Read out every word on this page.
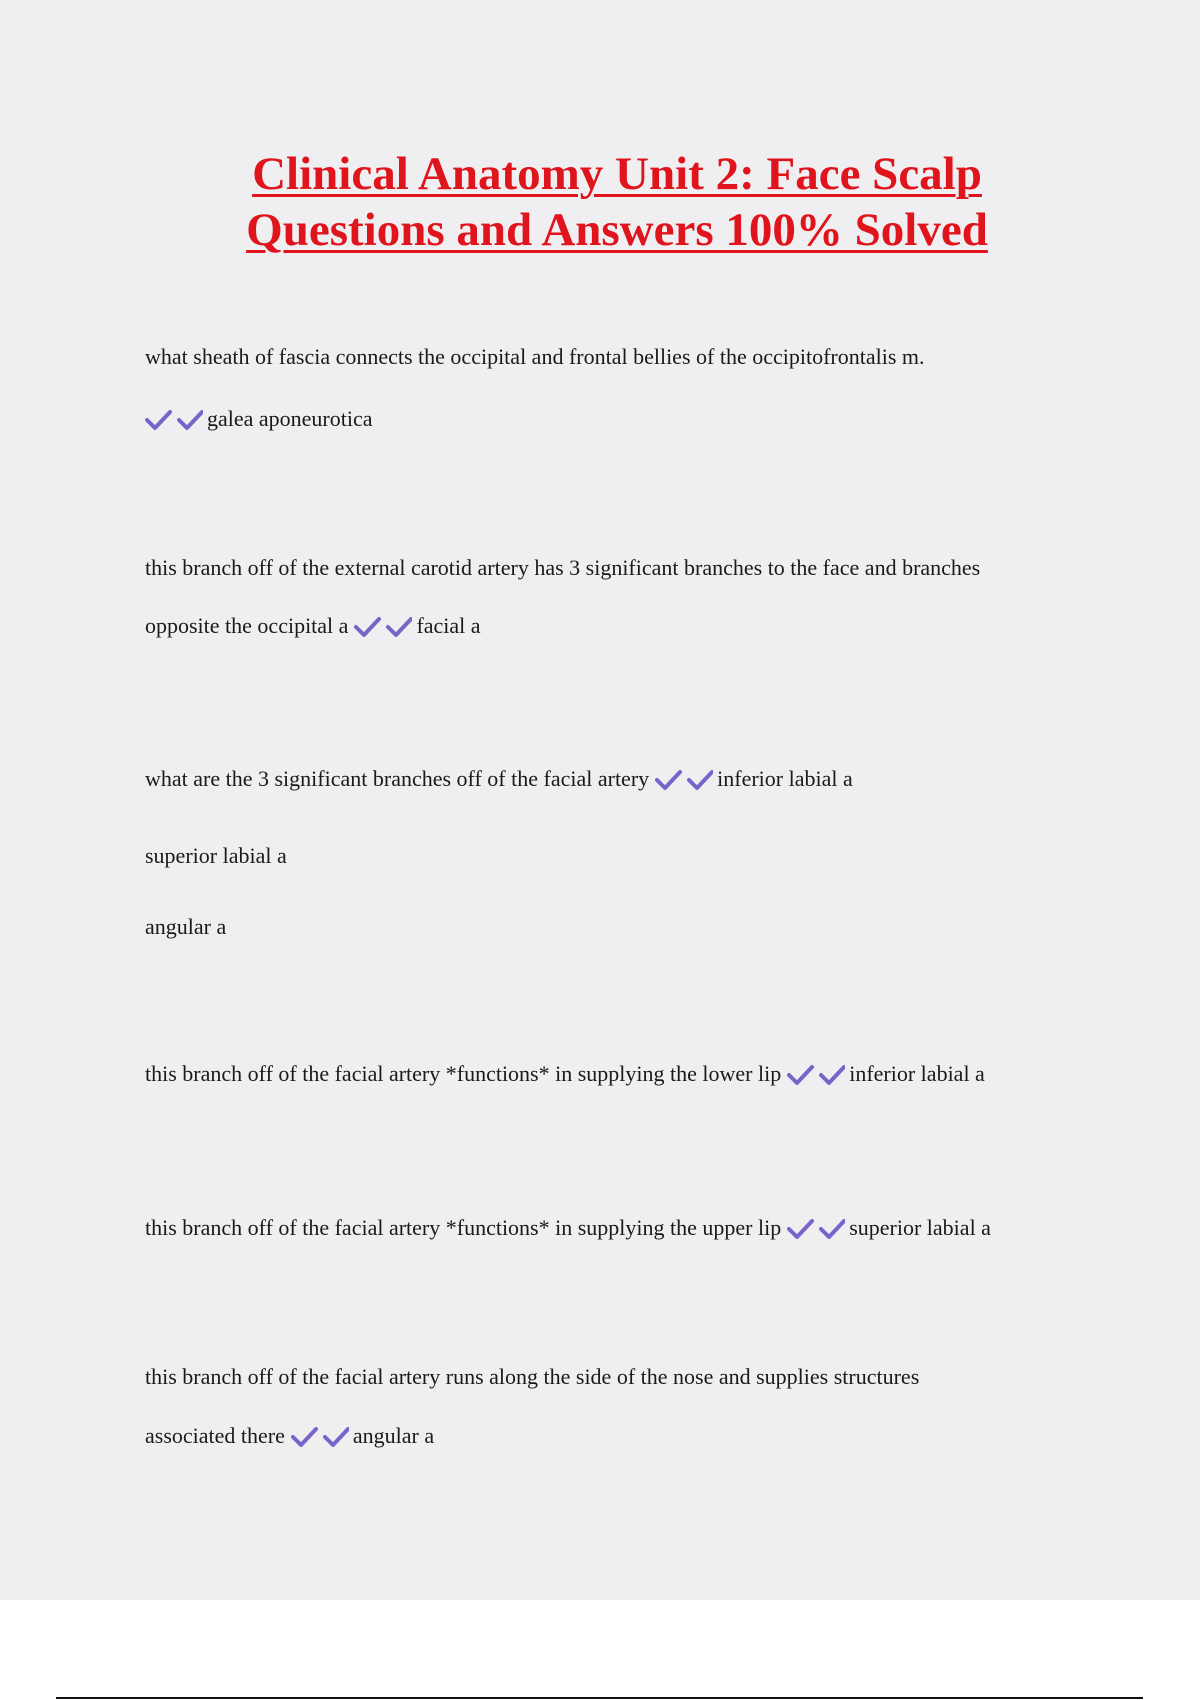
Clinical Anatomy Unit 2: Face Scalp
Questions and Answers 100% Solved
what sheath of fascia connects the occipital and frontal bellies of the occipitofrontalis m.
galea aponeurotica
this branch off of the external carotid artery has 3 significant branches to the face and branches
opposite the occipital a	facial a
what are the 3 significant branches off of the facial artery	inferior labial a
superior labial a
angular a
this branch off of the facial artery *functions* in supplying the lower lip	inferior labial a
this branch off of the facial artery *functions* in supplying the upper lip	superior labial a
this branch off of the facial artery runs along the side of the nose and supplies structures
associated there	angular a
